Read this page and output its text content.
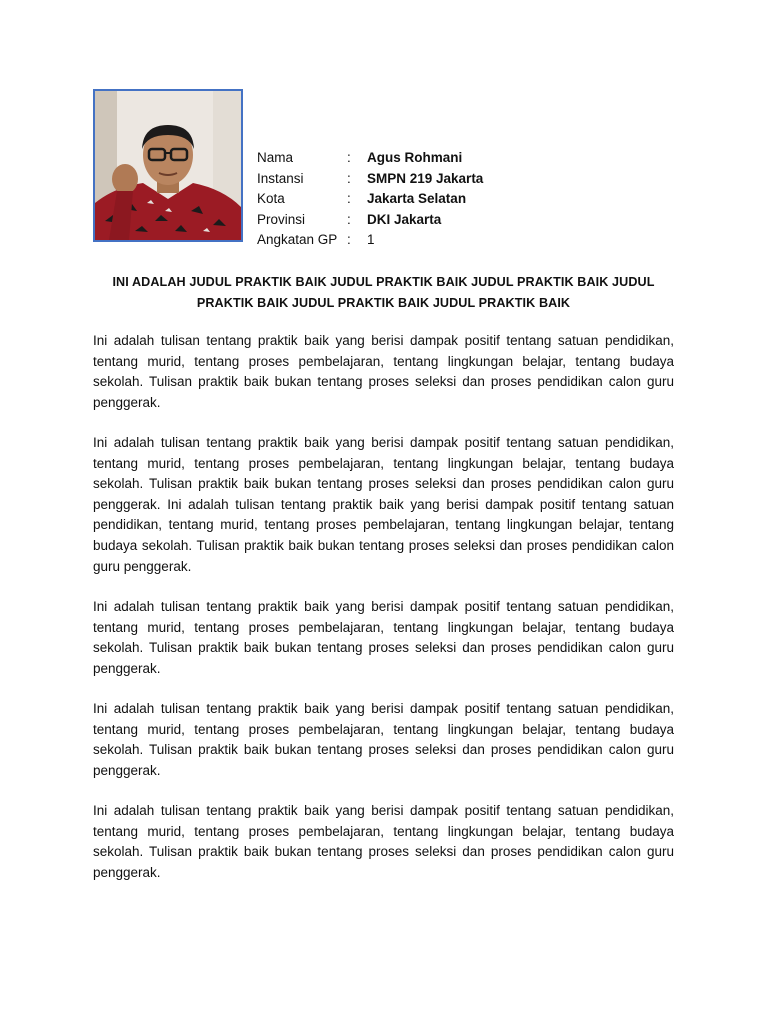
Nama	:	Agus Rohmani
Instansi	:	SMPN 219 Jakarta
Kota	:	Jakarta Selatan
Provinsi	:	DKI Jakarta
Angkatan GP :	1
INI ADALAH JUDUL PRAKTIK BAIK JUDUL PRAKTIK BAIK JUDUL PRAKTIK BAIK JUDUL
PRAKTIK BAIK JUDUL PRAKTIK BAIK JUDUL PRAKTIK BAIK

Ini adalah tulisan tentang praktik baik yang berisi dampak positif tentang satuan pendidikan, tentang murid, tentang proses pembelajaran, tentang lingkungan belajar, tentang budaya sekolah. Tulisan praktik baik bukan tentang proses seleksi dan proses pendidikan calon guru penggerak.

Ini adalah tulisan tentang praktik baik yang berisi dampak positif tentang satuan pendidikan, tentang murid, tentang proses pembelajaran, tentang lingkungan belajar, tentang budaya sekolah. Tulisan praktik baik bukan tentang proses seleksi dan proses pendidikan calon guru penggerak. Ini adalah tulisan tentang praktik baik yang berisi dampak positif tentang satuan pendidikan, tentang murid, tentang proses pembelajaran, tentang lingkungan belajar, tentang budaya sekolah. Tulisan praktik baik bukan tentang proses seleksi dan proses pendidikan calon guru penggerak.

Ini adalah tulisan tentang praktik baik yang berisi dampak positif tentang satuan pendidikan, tentang murid, tentang proses pembelajaran, tentang lingkungan belajar, tentang budaya sekolah. Tulisan praktik baik bukan tentang proses seleksi dan proses pendidikan calon guru penggerak.

Ini adalah tulisan tentang praktik baik yang berisi dampak positif tentang satuan pendidikan, tentang murid, tentang proses pembelajaran, tentang lingkungan belajar, tentang budaya sekolah. Tulisan praktik baik bukan tentang proses seleksi dan proses pendidikan calon guru penggerak.

Ini adalah tulisan tentang praktik baik yang berisi dampak positif tentang satuan pendidikan, tentang murid, tentang proses pembelajaran, tentang lingkungan belajar, tentang budaya sekolah. Tulisan praktik baik bukan tentang proses seleksi dan proses pendidikan calon guru penggerak.
